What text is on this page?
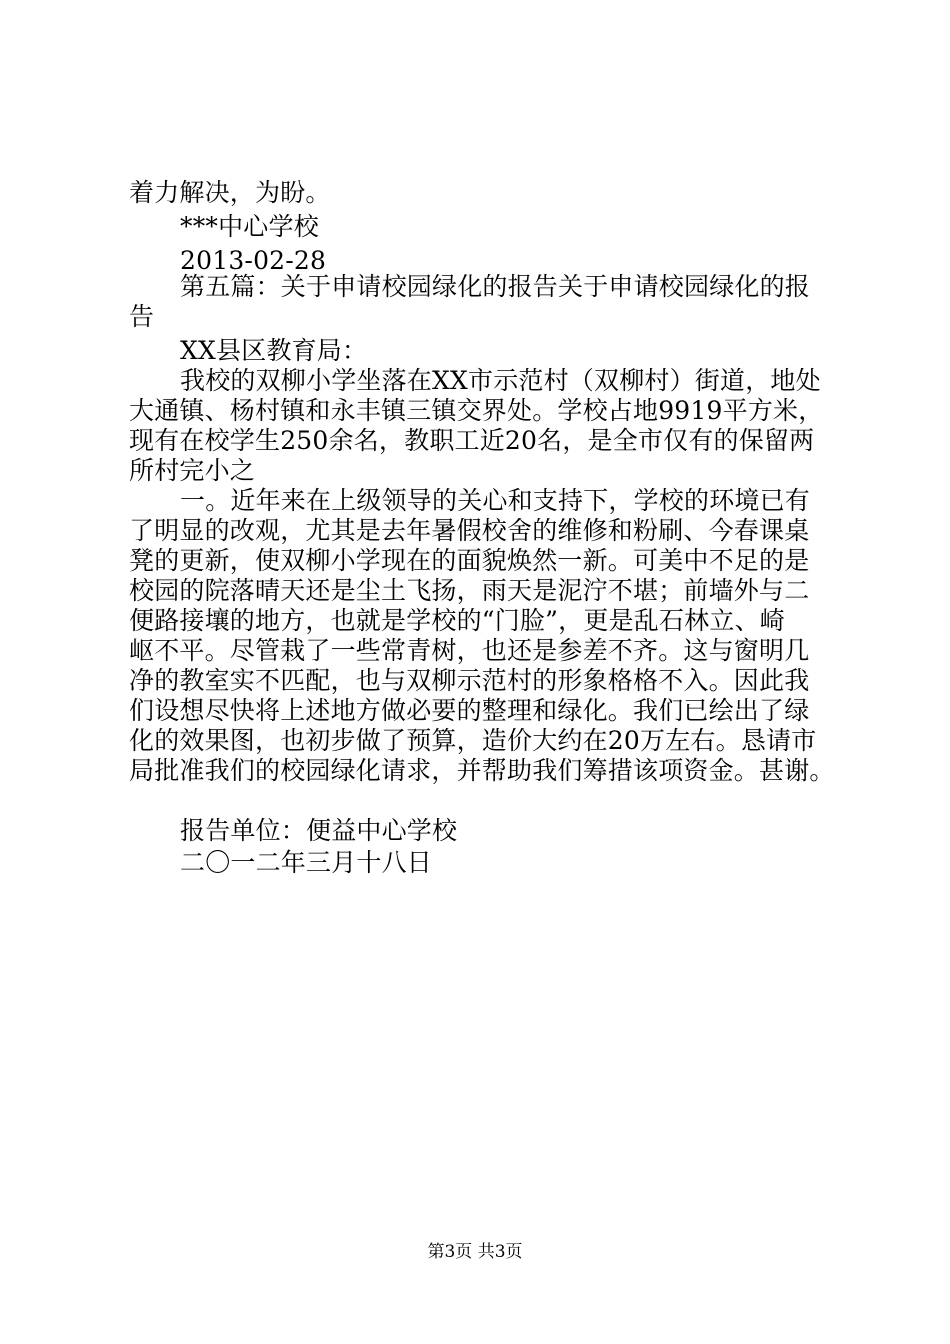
着力解决，为盼。
***中心学校
2013-02-28
第五篇：关于申请校园绿化的报告关于申请校园绿化的报
告
XX县区教育局：
我校的双柳小学坐落在XX市示范村（双柳村）街道，地处
大通镇、杨村镇和永丰镇三镇交界处。学校占地9919平方米，
现有在校学生250余名，教职工近20名，是全市仅有的保留两
所村完小之
一。近年来在上级领导的关心和支持下，学校的环境已有
了明显的改观，尤其是去年暑假校舍的维修和粉刷、今春课桌
凳的更新，使双柳小学现在的面貌焕然一新。可美中不足的是
校园的院落晴天还是尘土飞扬，雨天是泥泞不堪；前墙外与二
便路接壤的地方，也就是学校的“门脸”，更是乱石林立、崎
岖不平。尽管栽了一些常青树，也还是参差不齐。这与窗明几
净的教室实不匹配，也与双柳示范村的形象格格不入。因此我
们设想尽快将上述地方做必要的整理和绿化。我们已绘出了绿
化的效果图，也初步做了预算，造价大约在20万左右。恳请市
局批准我们的校园绿化请求，并帮助我们筹措该项资金。甚谢。
报告单位：便益中心学校
二〇一二年三月十八日
第3页 共3页
